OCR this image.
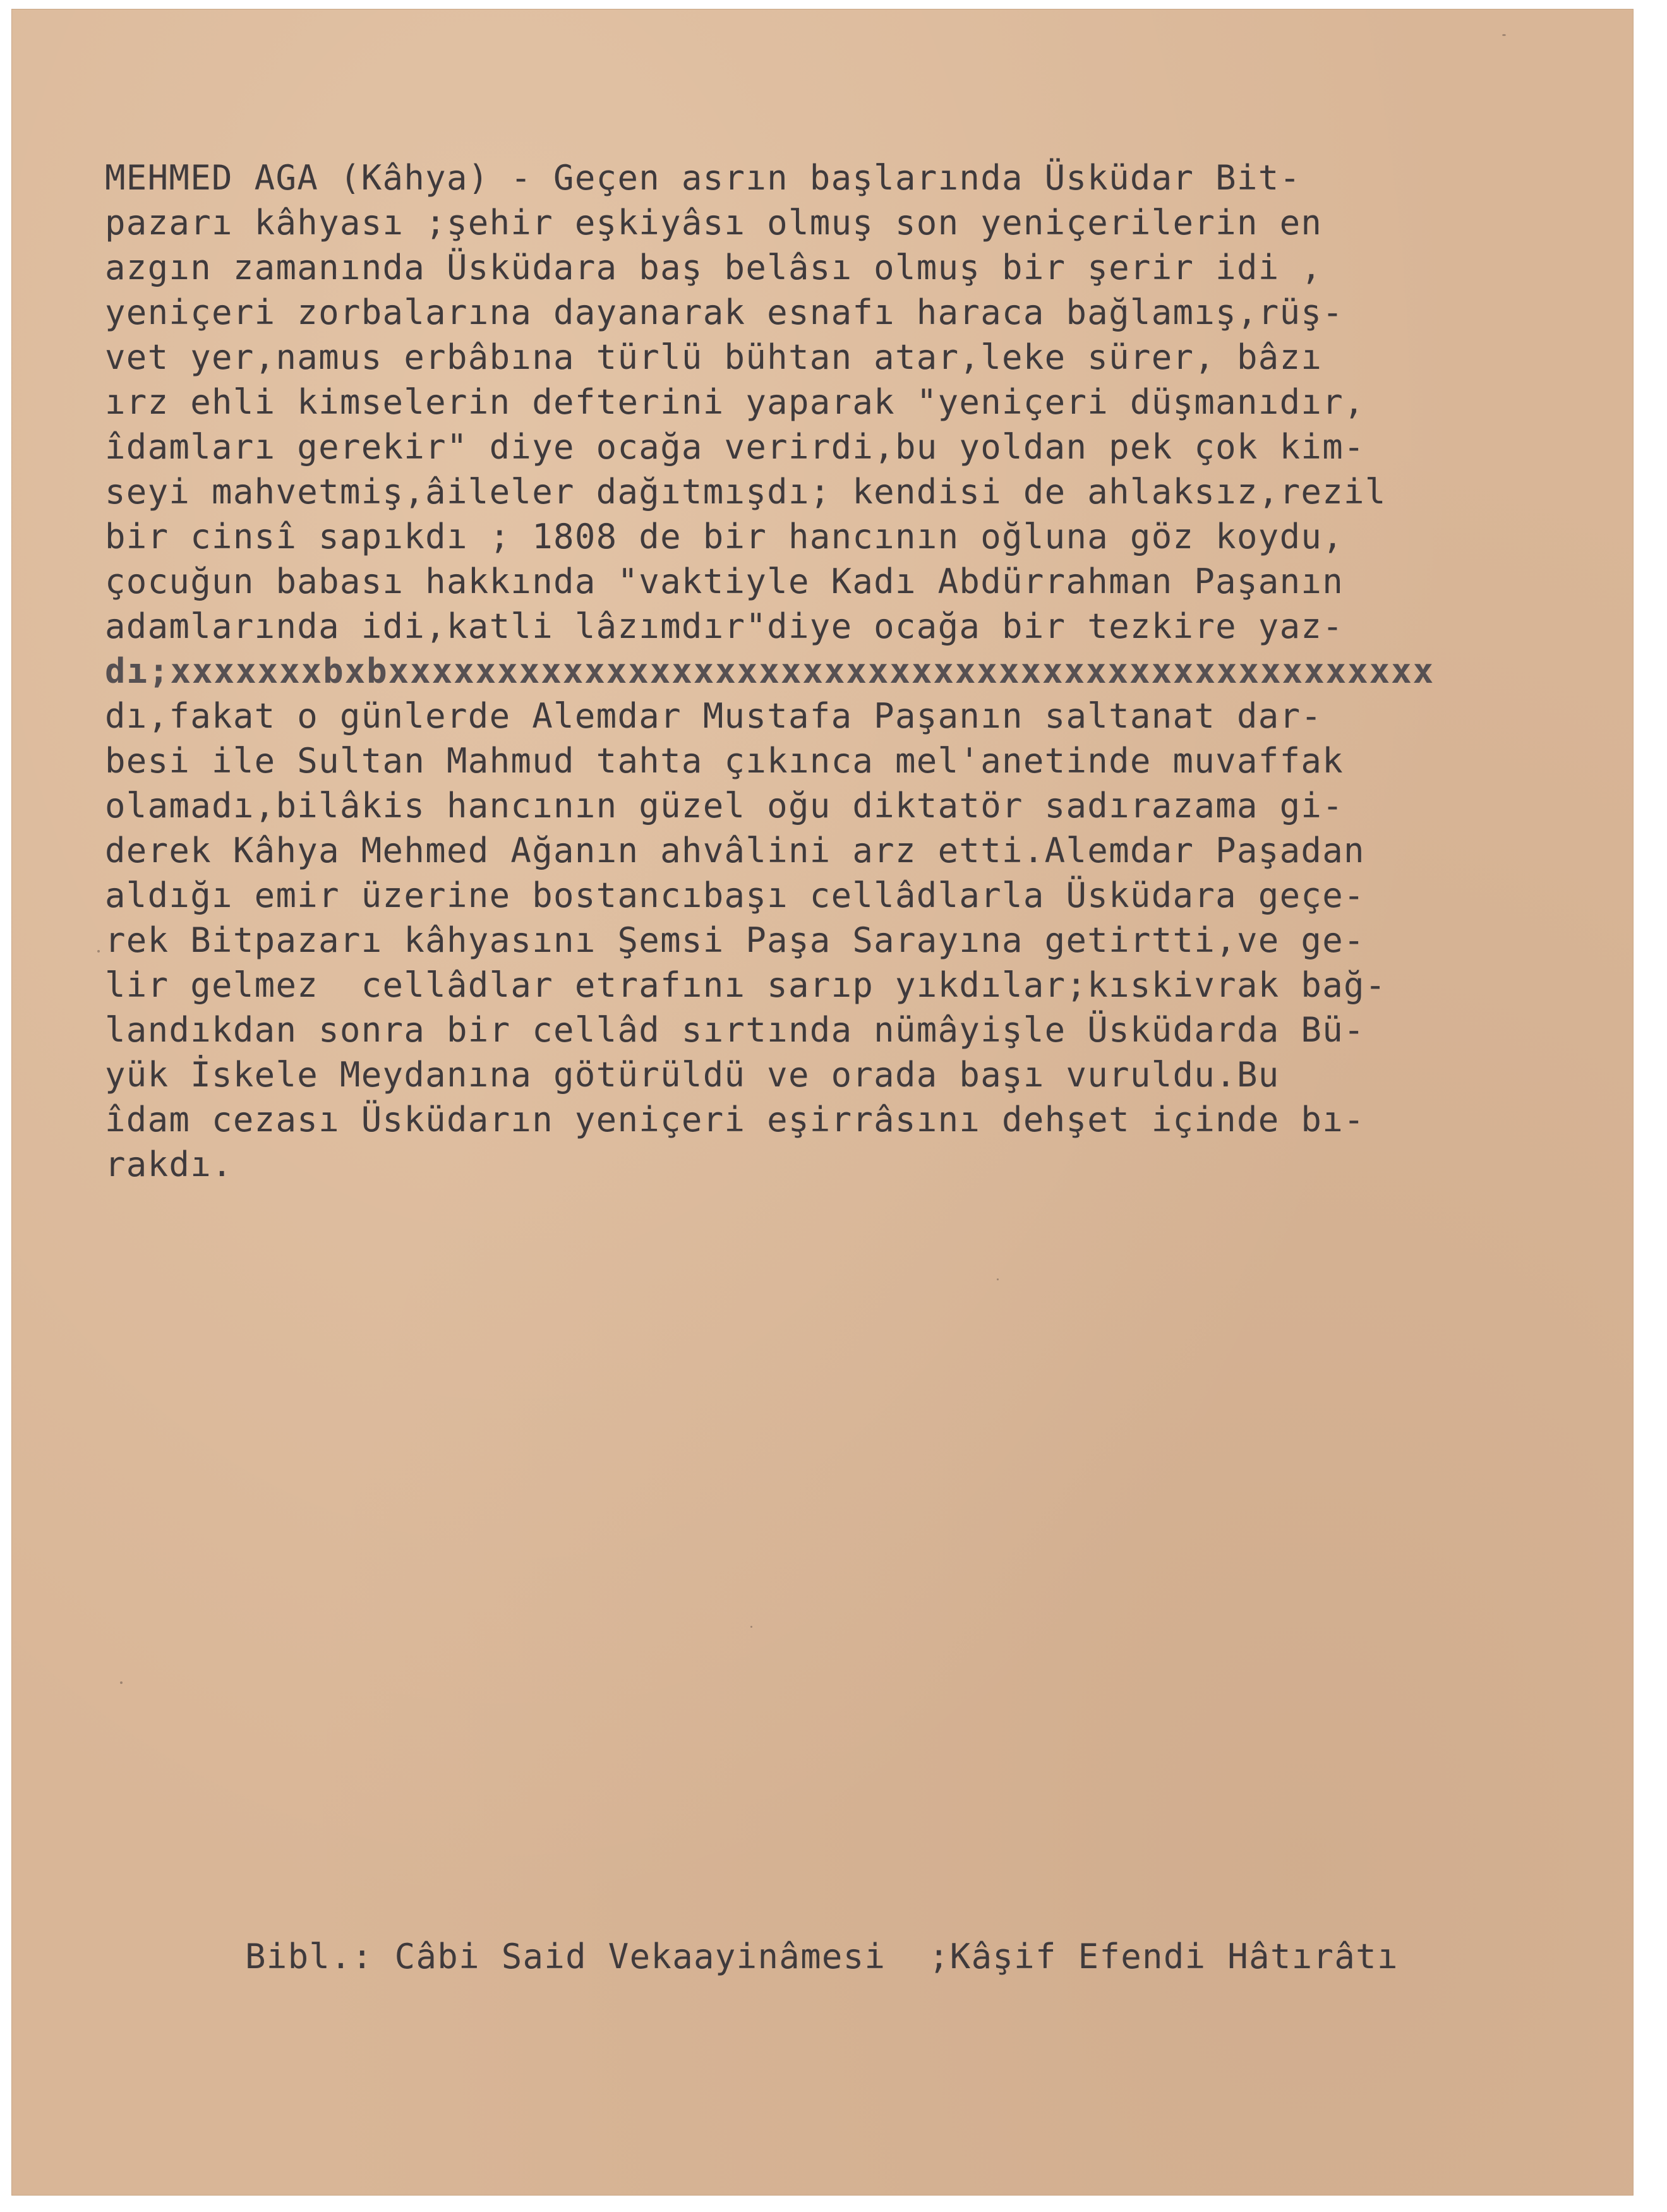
MEHMED AGA (Kâhya) - Geçen asrın başlarında Üsküdar Bit-
pazarı kâhyası ;şehir eşkiyâsı olmuş son yeniçerilerin en
azgın zamanında Üsküdara baş belâsı olmuş bir şerir idi ,
yeniçeri zorbalarına dayanarak esnafı haraca bağlamış,rüş-
vet yer,namus erbâbına türlü bühtan atar,leke sürer, bâzı
ırz ehli kimselerin defterini yaparak "yeniçeri düşmanıdır,
îdamları gerekir" diye ocağa verirdi,bu yoldan pek çok kim-
seyi mahvetmiş,âileler dağıtmışdı; kendisi de ahlaksız,rezil
bir cinsî sapıkdı ; 1808 de bir hancının oğluna göz koydu,
çocuğun babası hakkında "vaktiyle Kadı Abdürrahman Paşanın
adamlarında idi,katli lâzımdır"diye ocağa bir tezkire yaz-
dı;xxxxxxxbxbxxxxxxxxxxxxxxxxxxxxxxxxxxxxxxxxxxxxxxxxxxxxxxxx
dı,fakat o günlerde Alemdar Mustafa Paşanın saltanat dar-
besi ile Sultan Mahmud tahta çıkınca mel'anetinde muvaffak
olamadı,bilâkis hancının güzel oğu diktatör sadırazama gi-
derek Kâhya Mehmed Ağanın ahvâlini arz etti.Alemdar Paşadan
aldığı emir üzerine bostancıbaşı cellâdlarla Üsküdara geçe-
rek Bitpazarı kâhyasını Şemsi Paşa Sarayına getirtti,ve ge-
lir gelmez  cellâdlar etrafını sarıp yıkdılar;kıskivrak bağ-
landıkdan sonra bir cellâd sırtında nümâyişle Üsküdarda Bü-
yük İskele Meydanına götürüldü ve orada başı vuruldu.Bu
îdam cezası Üsküdarın yeniçeri eşirrâsını dehşet içinde bı-
rakdı.
Bibl.: Câbi Said Vekaayinâmesi  ;Kâşif Efendi Hâtırâtı
